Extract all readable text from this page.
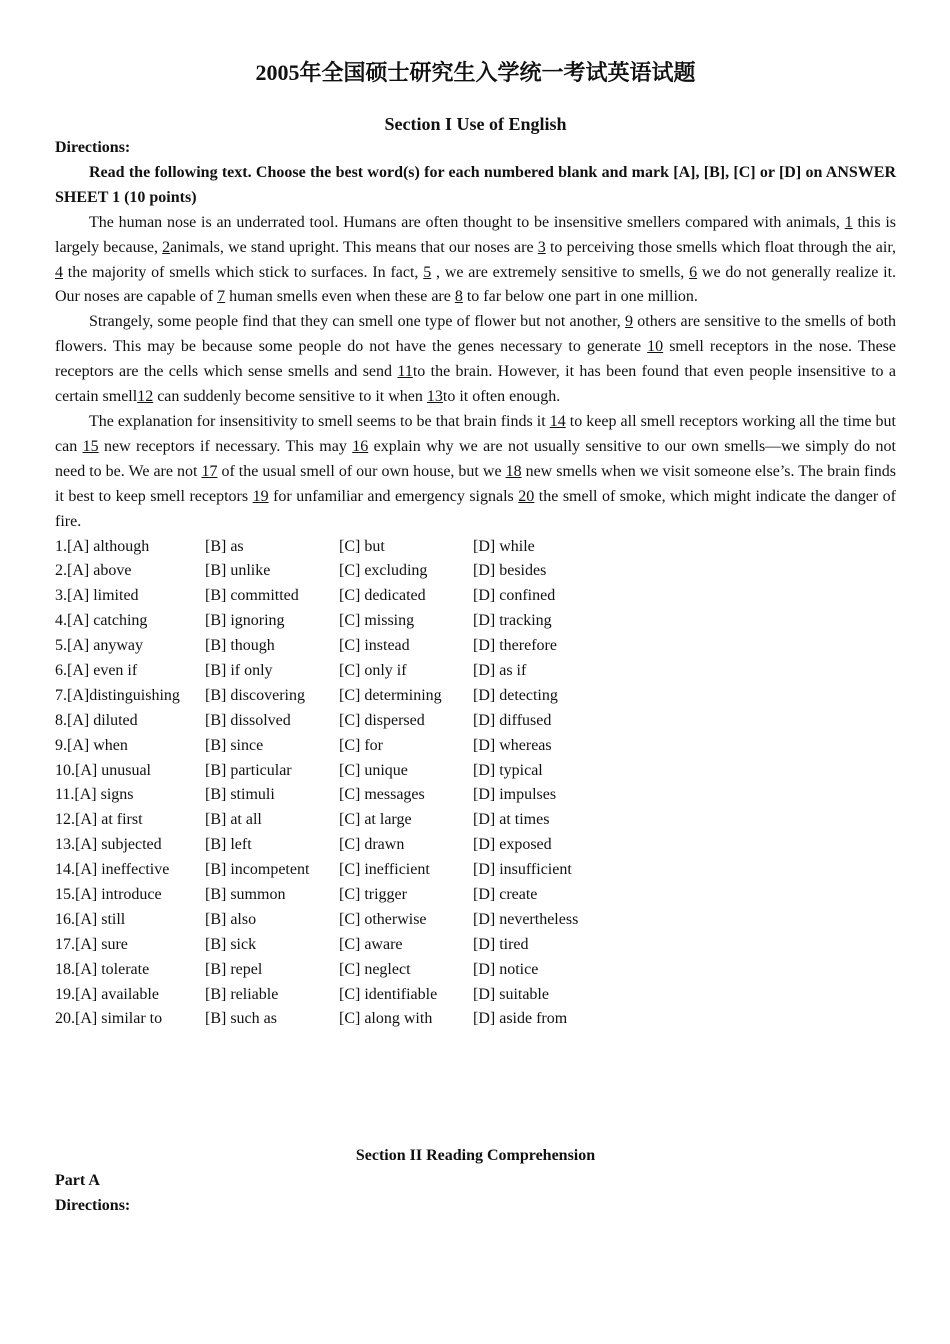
2005年全国硕士研究生入学统一考试英语试题
Section I Use of English
Directions:

Read the following text. Choose the best word(s) for each numbered blank and mark [A], [B], [C] or [D] on ANSWER SHEET 1 (10 points)

The human nose is an underrated tool. Humans are often thought to be insensitive smellers compared with animals, 1 this is largely because, 2animals, we stand upright. This means that our noses are 3 to perceiving those smells which float through the air, 4 the majority of smells which stick to surfaces. In fact, 5 , we are extremely sensitive to smells, 6 we do not generally realize it. Our noses are capable of 7 human smells even when these are 8 to far below one part in one million.

Strangely, some people find that they can smell one type of flower but not another, 9 others are sensitive to the smells of both flowers. This may be because some people do not have the genes necessary to generate 10 smell receptors in the nose. These receptors are the cells which sense smells and send 11to the brain. However, it has been found that even people insensitive to a certain smell12 can suddenly become sensitive to it when 13to it often enough.

The explanation for insensitivity to smell seems to be that brain finds it 14 to keep all smell receptors working all the time but can 15 new receptors if necessary. This may 16 explain why we are not usually sensitive to our own smells—we simply do not need to be. We are not 17 of the usual smell of our own house, but we 18 new smells when we visit someone else’s. The brain finds it best to keep smell receptors 19 for unfamiliar and emergency signals 20 the smell of smoke, which might indicate the danger of fire.

1.[A] although	[B] as	[C] but	[D] while
2.[A] above	[B] unlike	[C] excluding	[D] besides
3.[A] limited	[B] committed	[C] dedicated	[D] confined
4.[A] catching	[B] ignoring	[C] missing	[D] tracking
5.[A] anyway	[B] though	[C] instead	[D] therefore
6.[A] even if	[B] if only	[C] only if	[D] as if
7.[A]distinguishing	[B] discovering	[C] determining	[D] detecting
8.[A] diluted	[B] dissolved	[C] dispersed	[D] diffused
9.[A] when	[B] since	[C] for	[D] whereas
10.[A] unusual	[B] particular	[C] unique	[D] typical
11.[A] signs	[B] stimuli	[C] messages	[D] impulses
12.[A] at first	[B] at all	[C] at large	[D] at times
13.[A] subjected	[B] left	[C] drawn	[D] exposed
14.[A] ineffective	[B] incompetent	[C] inefficient	[D] insufficient
15.[A] introduce	[B] summon	[C] trigger	[D] create
16.[A] still	[B] also	[C] otherwise	[D] nevertheless
17.[A] sure	[B] sick	[C] aware	[D] tired
18.[A] tolerate	[B] repel	[C] neglect	[D] notice
19.[A] available	[B] reliable	[C] identifiable	[D] suitable
20.[A] similar to	[B] such as	[C] along with	[D] aside from
Section II Reading Comprehension
Part A
Directions:
